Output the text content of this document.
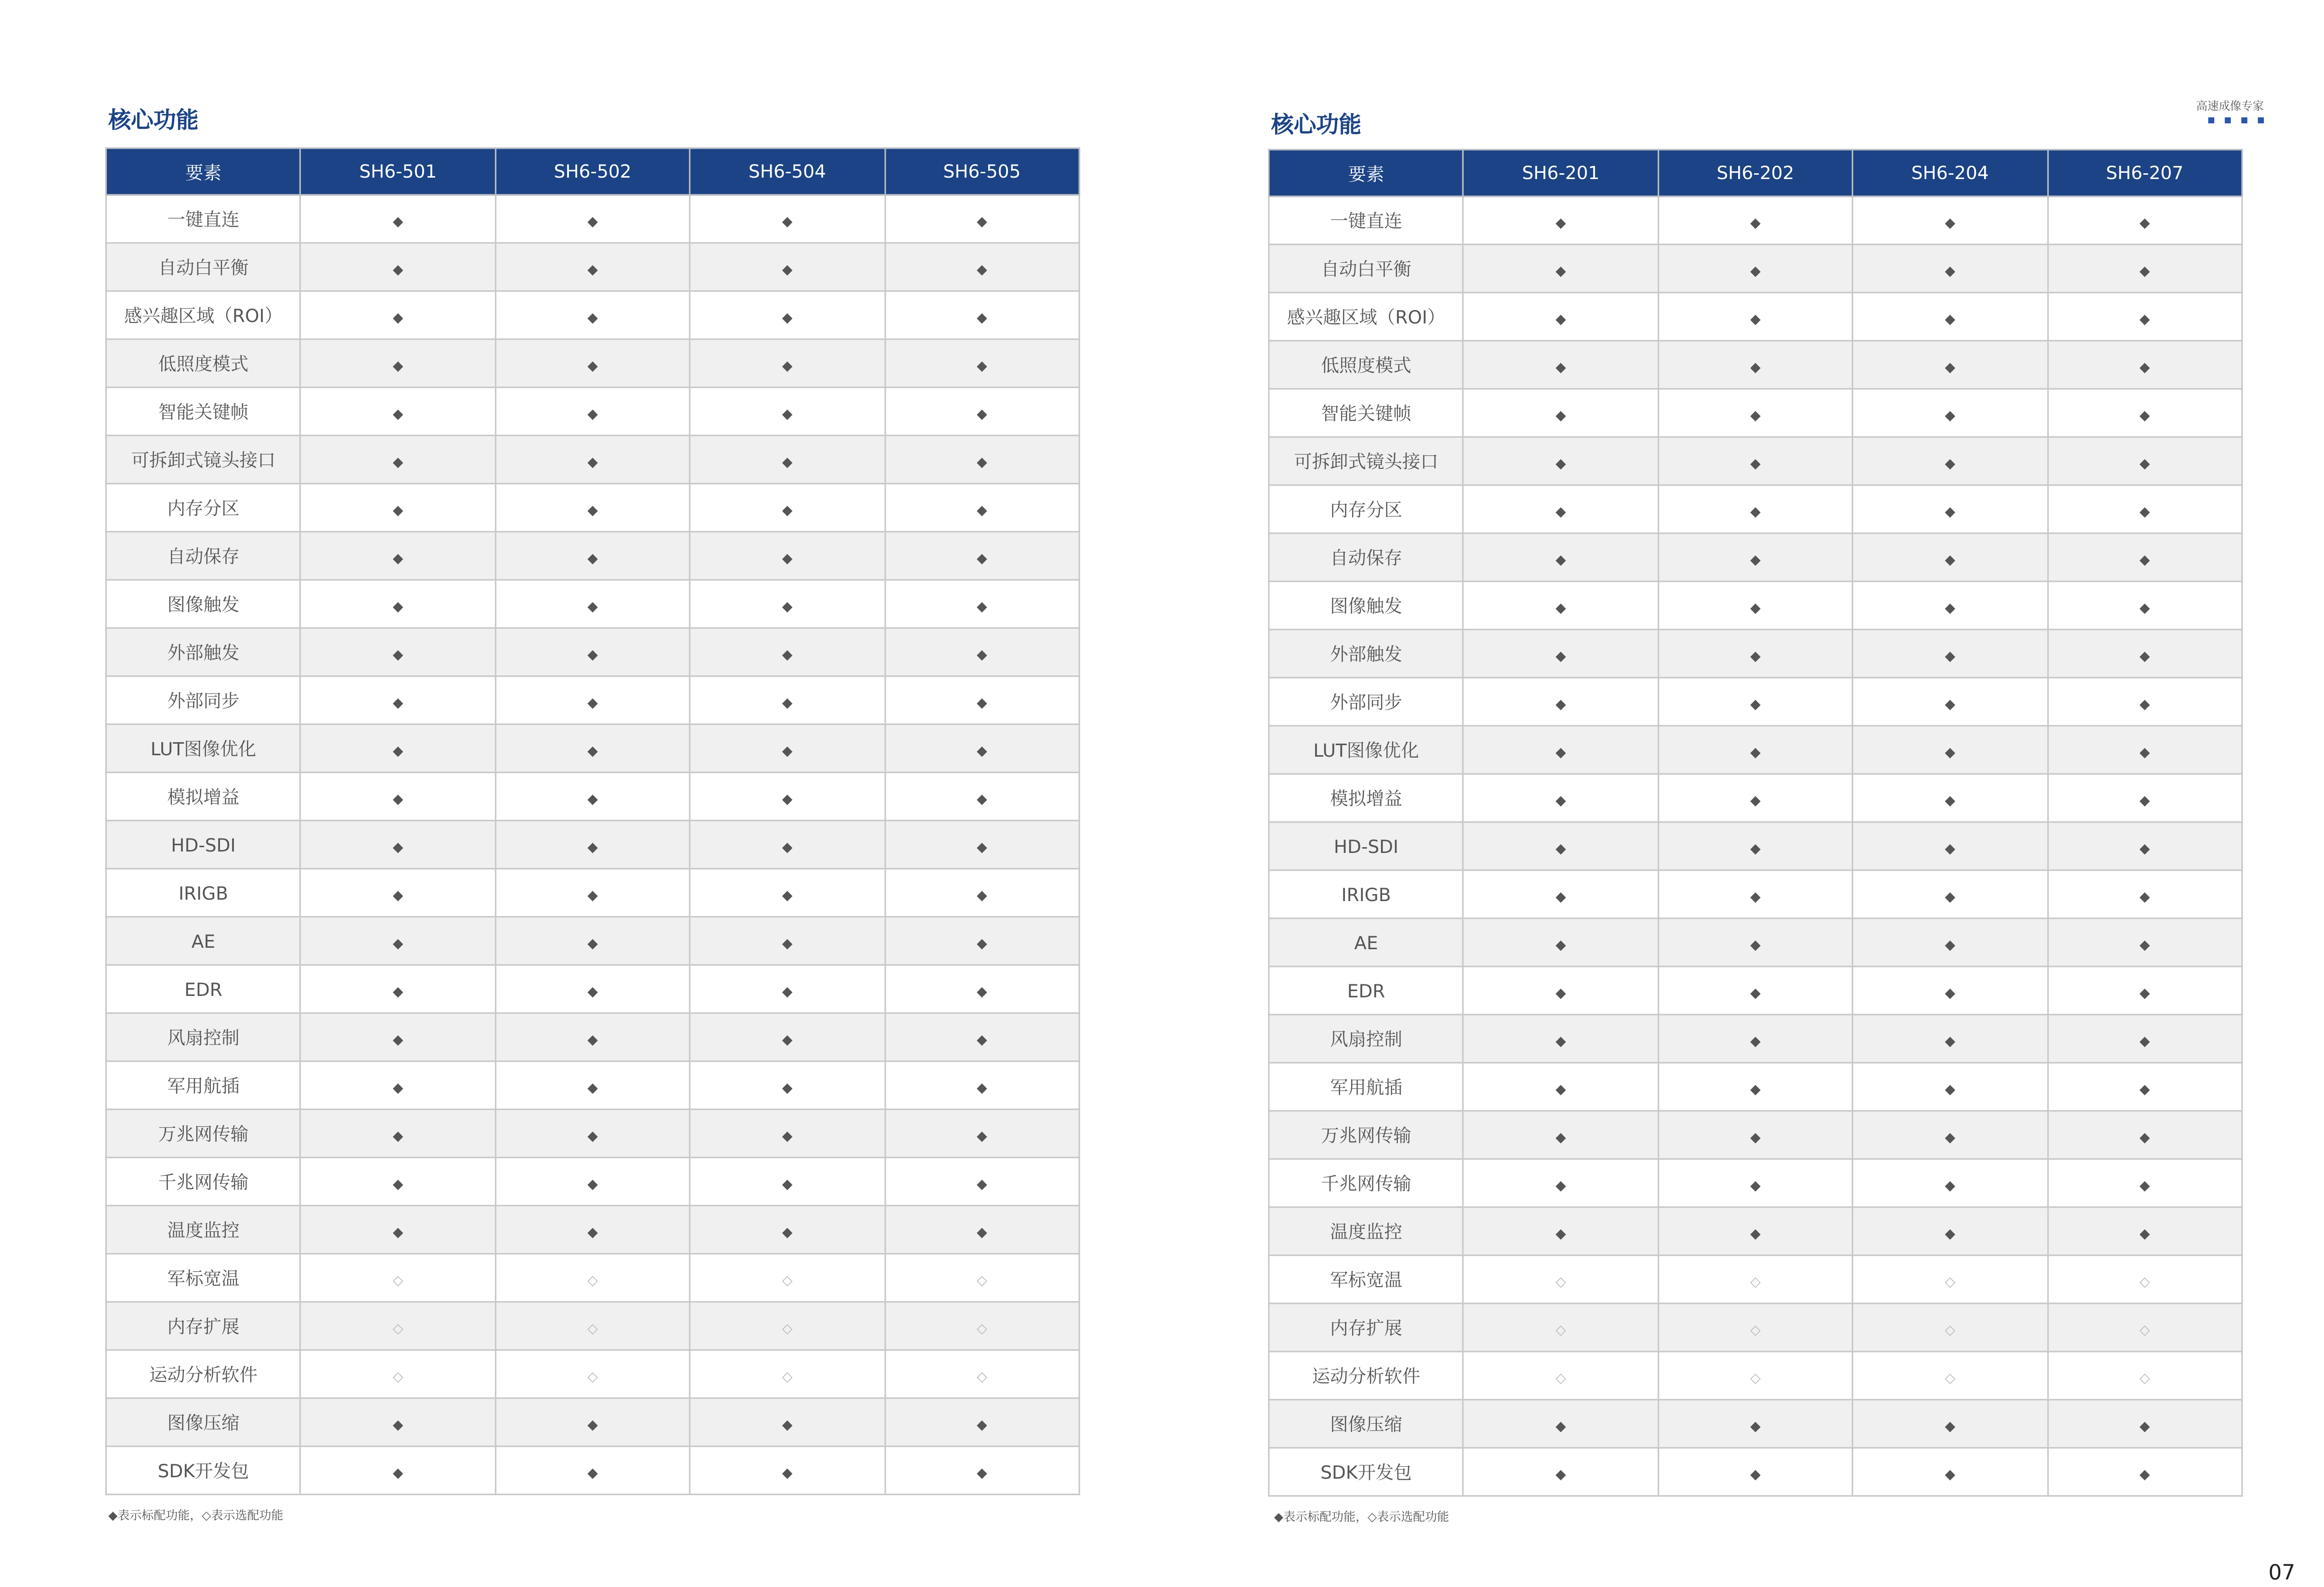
核心功能
要素	SH6-501	SH6-502	SH6-504	SH6-505
一键直连	◆	◆	◆	◆
自动白平衡	◆	◆	◆	◆
感兴趣区域（ROI）	◆	◆	◆	◆
低照度模式	◆	◆	◆	◆
智能关键帧	◆	◆	◆	◆
可拆卸式镜头接口	◆	◆	◆	◆
内存分区	◆	◆	◆	◆
自动保存	◆	◆	◆	◆
图像触发	◆	◆	◆	◆
外部触发	◆	◆	◆	◆
外部同步	◆	◆	◆	◆
LUT图像优化	◆	◆	◆	◆
模拟增益	◆	◆	◆	◆
HD-SDI	◆	◆	◆	◆
IRIGB	◆	◆	◆	◆
AE	◆	◆	◆	◆
EDR	◆	◆	◆	◆
风扇控制	◆	◆	◆	◆
军用航插	◆	◆	◆	◆
万兆网传输	◆	◆	◆	◆
千兆网传输	◆	◆	◆	◆
温度监控	◆	◆	◆	◆
军标宽温	◇	◇	◇	◇
内存扩展	◇	◇	◇	◇
运动分析软件	◇	◇	◇	◇
图像压缩	◆	◆	◆	◆
SDK开发包	◆	◆	◆	◆

◆表示标配功能，◇表示选配功能

核心功能
要素	SH6-201	SH6-202	SH6-204	SH6-207
一键直连	◆	◆	◆	◆
自动白平衡	◆	◆	◆	◆
感兴趣区域（ROI）	◆	◆	◆	◆
低照度模式	◆	◆	◆	◆
智能关键帧	◆	◆	◆	◆
可拆卸式镜头接口	◆	◆	◆	◆
内存分区	◆	◆	◆	◆
自动保存	◆	◆	◆	◆
图像触发	◆	◆	◆	◆
外部触发	◆	◆	◆	◆
外部同步	◆	◆	◆	◆
LUT图像优化	◆	◆	◆	◆
模拟增益	◆	◆	◆	◆
HD-SDI	◆	◆	◆	◆
IRIGB	◆	◆	◆	◆
AE	◆	◆	◆	◆
EDR	◆	◆	◆	◆
风扇控制	◆	◆	◆	◆
军用航插	◆	◆	◆	◆
万兆网传输	◆	◆	◆	◆
千兆网传输	◆	◆	◆	◆
温度监控	◆	◆	◆	◆
军标宽温	◇	◇	◇	◇
内存扩展	◇	◇	◇	◇
运动分析软件	◇	◇	◇	◇
图像压缩	◆	◆	◆	◆
SDK开发包	◆	◆	◆	◆

◆表示标配功能，◇表示选配功能

高速成像专家

07
